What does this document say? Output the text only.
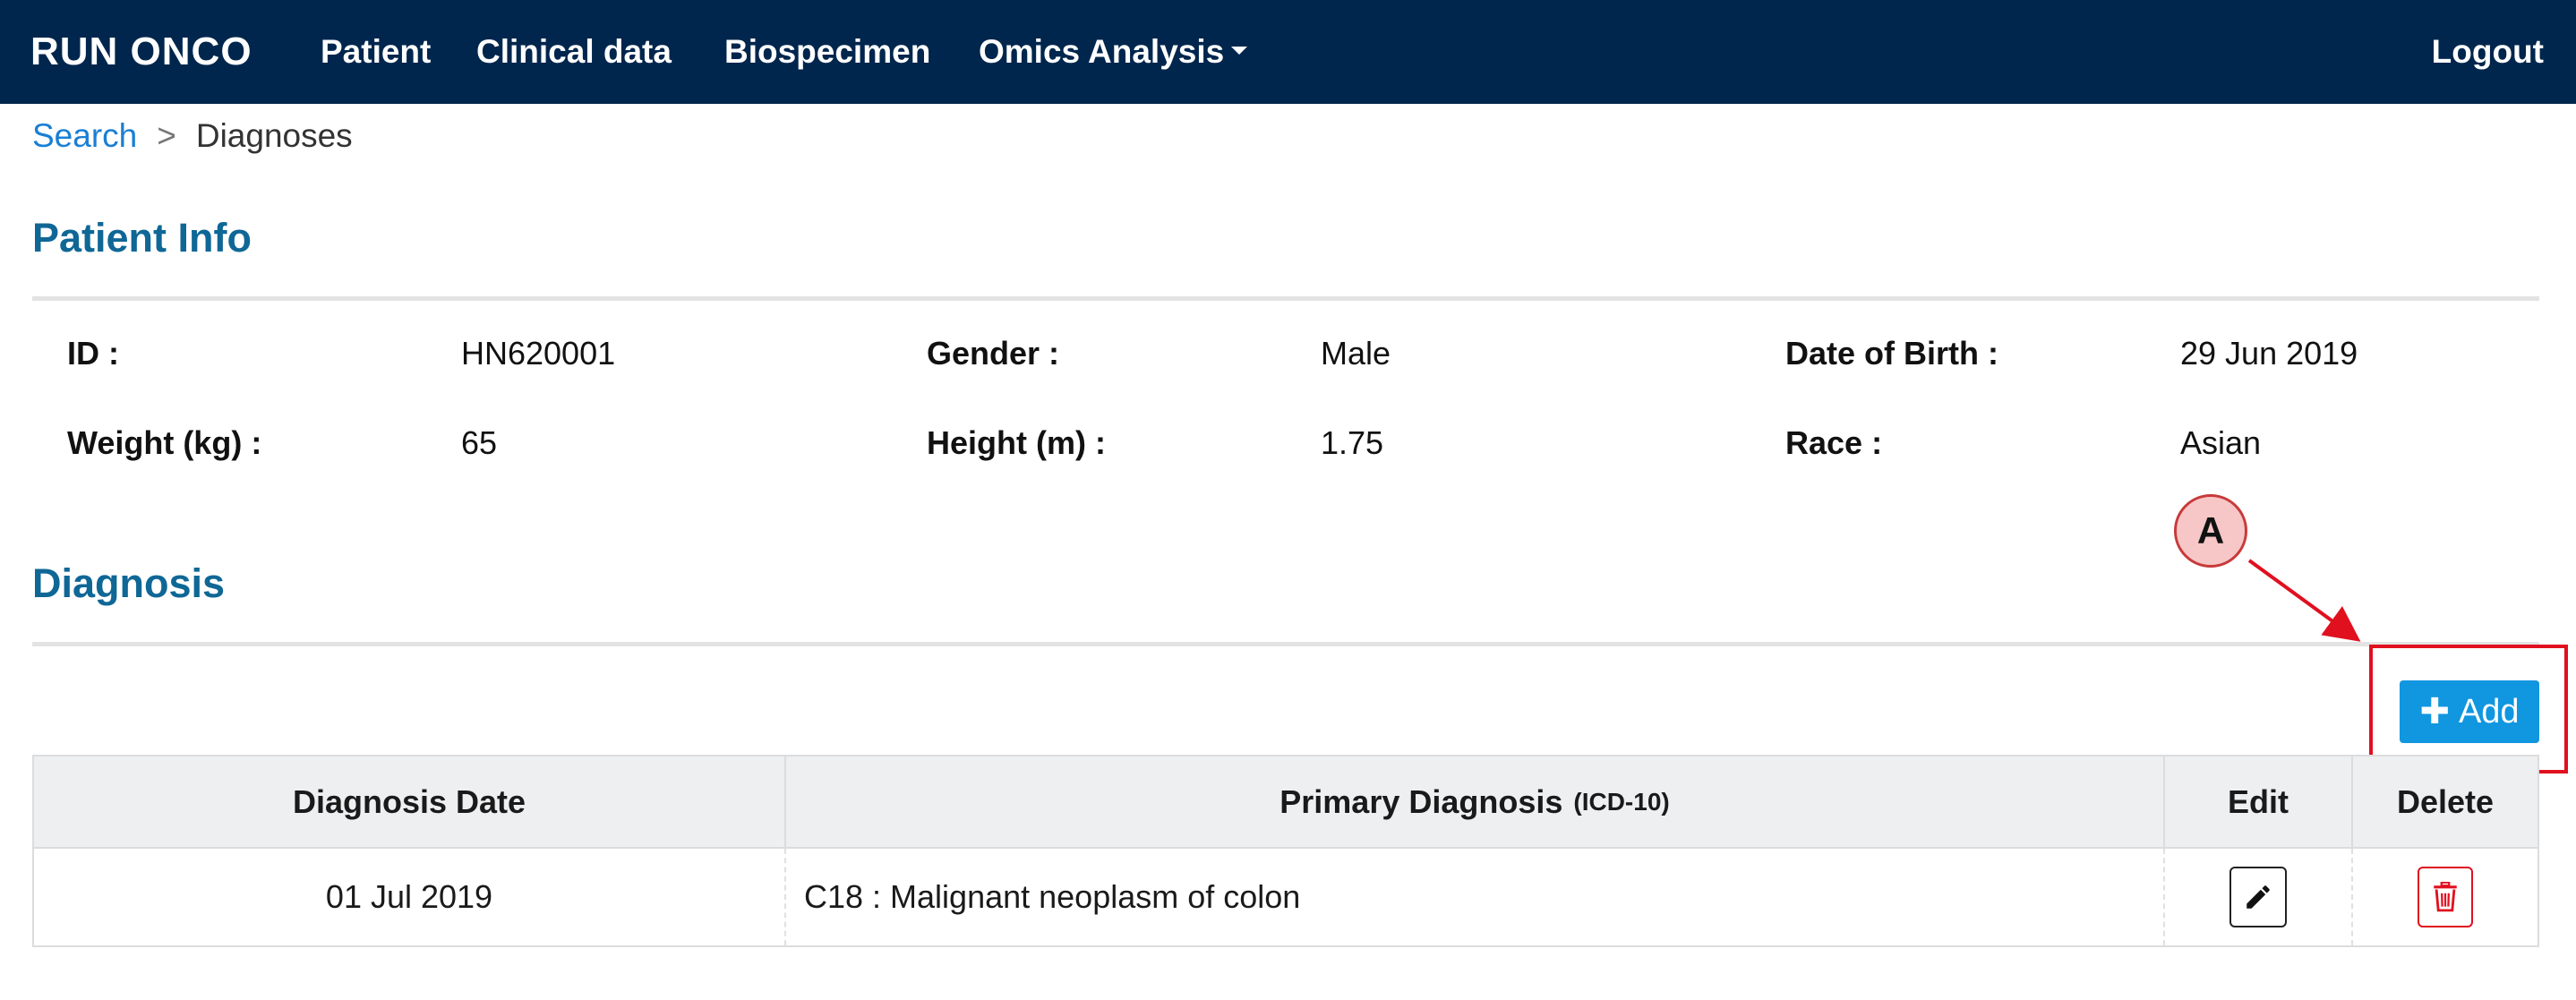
RUN ONCO Patient Clinical data Biospecimen Omics Analysis	Logout
Search > Diagnoses
Patient Info
ID :	HN620001	Gender :	Male	Date of Birth :	29 Jun 2019
Weight (kg) :	65	Height (m) :	1.75	Race :	Asian
Diagnosis
A
✚ Add
Diagnosis Date	Primary Diagnosis (ICD-10)	Edit	Delete
01 Jul 2019	C18 : Malignant neoplasm of colon
